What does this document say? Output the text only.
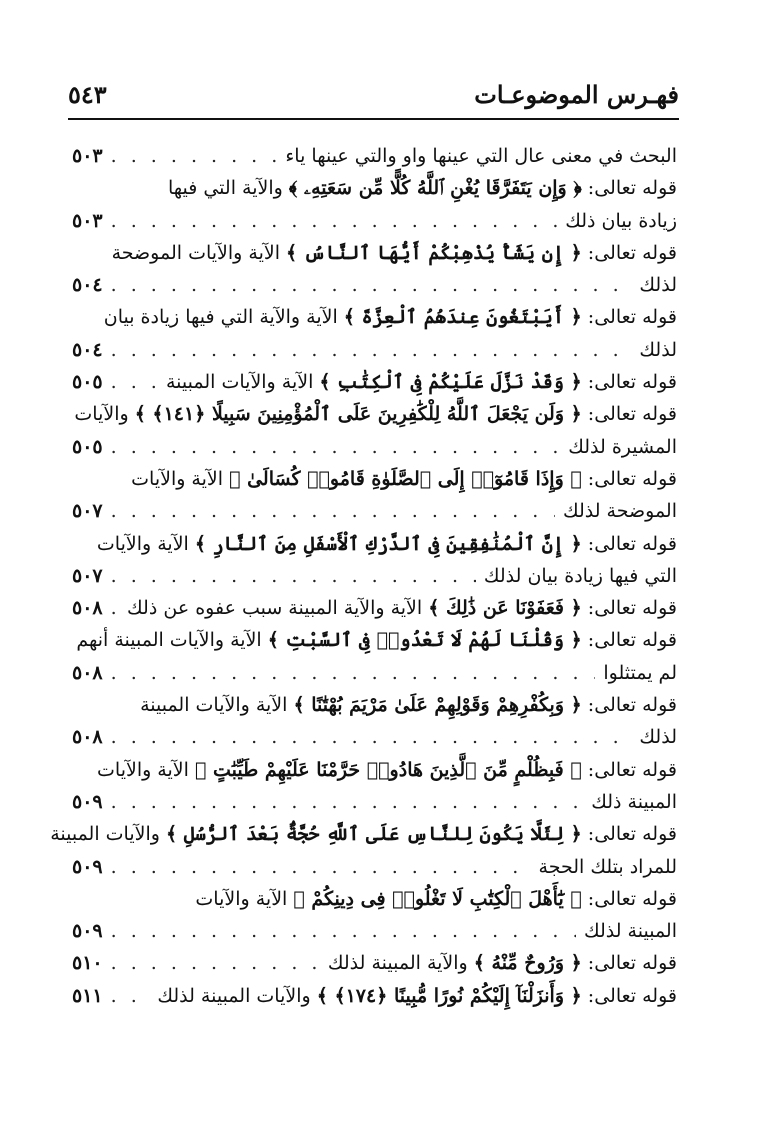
فهـرس الموضوعـات
٥٤٣
البحث في معنى عال التي عينها واو والتي عينها ياء
. . .
٥٠٣
قوله تعالى: ﴿ وَإِن يَتَفَرَّقَا يُغْنِ ٱللَّهُ كُلًّا مِّن سَعَتِهِۦ ﴾ والآية التي فيها
زيادة بيان ذلك
. . .
٥٠٣
قوله تعالى: ﴿ إِن يَشَأْ يُذْهِبْكُمْ أَيُّهَا ٱلنَّاسُ ﴾ الآية والآيات الموضحة
لذلك
. . .
٥٠٤
قوله تعالى: ﴿ أَيَبْتَغُونَ عِندَهُمُ ٱلْعِزَّةَ ﴾ الآية والآية التي فيها زيادة بيان
لذلك
. . .
٥٠٤
قوله تعالى: ﴿ وَقَدْ نَزَّلَ عَلَيْكُمْ فِى ٱلْكِتَٰبِ ﴾ الآية والآيات المبينة
. . .
٥٠٥
قوله تعالى: ﴿ وَلَن يَجْعَلَ ٱللَّهُ لِلْكَٰفِرِينَ عَلَى ٱلْمُؤْمِنِينَ سَبِيلًا ﴿١٤١﴾ ﴾ والآيات
المشيرة لذلك
. . .
٥٠٥
قوله تعالى: ﴿ وَإِذَا قَامُوٓا۟ إِلَى ٱلصَّلَوٰةِ قَامُوا۟ كُسَالَىٰ ﴾ الآية والآيات
الموضحة لذلك
. . .
٥٠٧
قوله تعالى: ﴿ إِنَّ ٱلْمُنَٰفِقِينَ فِى ٱلدَّرْكِ ٱلْأَسْفَلِ مِنَ ٱلنَّارِ ﴾ الآية والآيات
التي فيها زيادة بيان لذلك
. . .
٥٠٧
قوله تعالى: ﴿ فَعَفَوْنَا عَن ذَٰلِكَ ﴾ الآية والآية المبينة سبب عفوه عن ذلك
. . .
٥٠٨
قوله تعالى: ﴿ وَقُلْنَا لَهُمْ لَا تَعْدُوا۟ فِى ٱلسَّبْتِ ﴾ الآية والآيات المبينة أنهم
لم يمتثلوا
. . .
٥٠٨
قوله تعالى: ﴿ وَبِكُفْرِهِمْ وَقَوْلِهِمْ عَلَىٰ مَرْيَمَ بُهْتَٰنًا ﴾ الآية والآيات المبينة
لذلك
. . .
٥٠٨
قوله تعالى: ﴿ فَبِظُلْمٍ مِّنَ ٱلَّذِينَ هَادُوا۟ حَرَّمْنَا عَلَيْهِمْ طَيِّبَٰتٍ ﴾ الآية والآيات
المبينة ذلك
. . .
٥٠٩
قوله تعالى: ﴿ لِئَلَّا يَكُونَ لِلنَّاسِ عَلَى ٱللَّهِ حُجَّةٌۢ بَعْدَ ٱلرُّسُلِ ﴾ والآيات المبينة
للمراد بتلك الحجة
. . .
٥٠٩
قوله تعالى: ﴿ يَٰٓأَهْلَ ٱلْكِتَٰبِ لَا تَغْلُوا۟ فِى دِينِكُمْ ﴾ الآية والآيات
المبينة لذلك
. . .
٥٠٩
قوله تعالى: ﴿ وَرُوحٌ مِّنْهُ ﴾ والآية المبينة لذلك
. . .
٥١٠
قوله تعالى: ﴿ وَأَنزَلْنَآ إِلَيْكُمْ نُورًا مُّبِينًا ﴿١٧٤﴾ ﴾ والآيات المبينة لذلك
. . .
٥١١
